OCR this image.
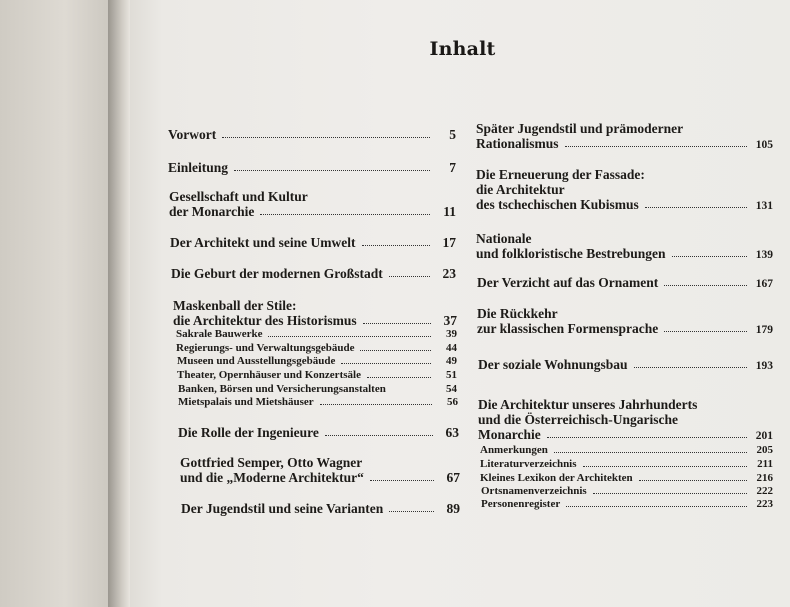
Inhalt
Vorwort	5
Einleitung	7
Gesellschaft und Kultur
der Monarchie	11
Der Architekt und seine Umwelt	17
Die Geburt der modernen Großstadt	23
Maskenball der Stile:
die Architektur des Historismus	37
Sakrale Bauwerke	39
Regierungs- und Verwaltungsgebäude	44
Museen und Ausstellungsgebäude	49
Theater, Opernhäuser und Konzertsäle	51
Banken, Börsen und Versicherungsanstalten	54
Mietspalais und Mietshäuser	56
Die Rolle der Ingenieure	63
Gottfried Semper, Otto Wagner
und die „Moderne Architektur“	67
Der Jugendstil und seine Varianten	89
Später Jugendstil und prämoderner
Rationalismus	105
Die Erneuerung der Fassade:
die Architektur
des tschechischen Kubismus	131
Nationale
und folkloristische Bestrebungen	139
Der Verzicht auf das Ornament	167
Die Rückkehr
zur klassischen Formensprache	179
Der soziale Wohnungsbau	193
Die Architektur unseres Jahrhunderts
und die Österreichisch-Ungarische
Monarchie	201
Anmerkungen	205
Literaturverzeichnis	211
Kleines Lexikon der Architekten	216
Ortsnamenverzeichnis	222
Personenregister	223
